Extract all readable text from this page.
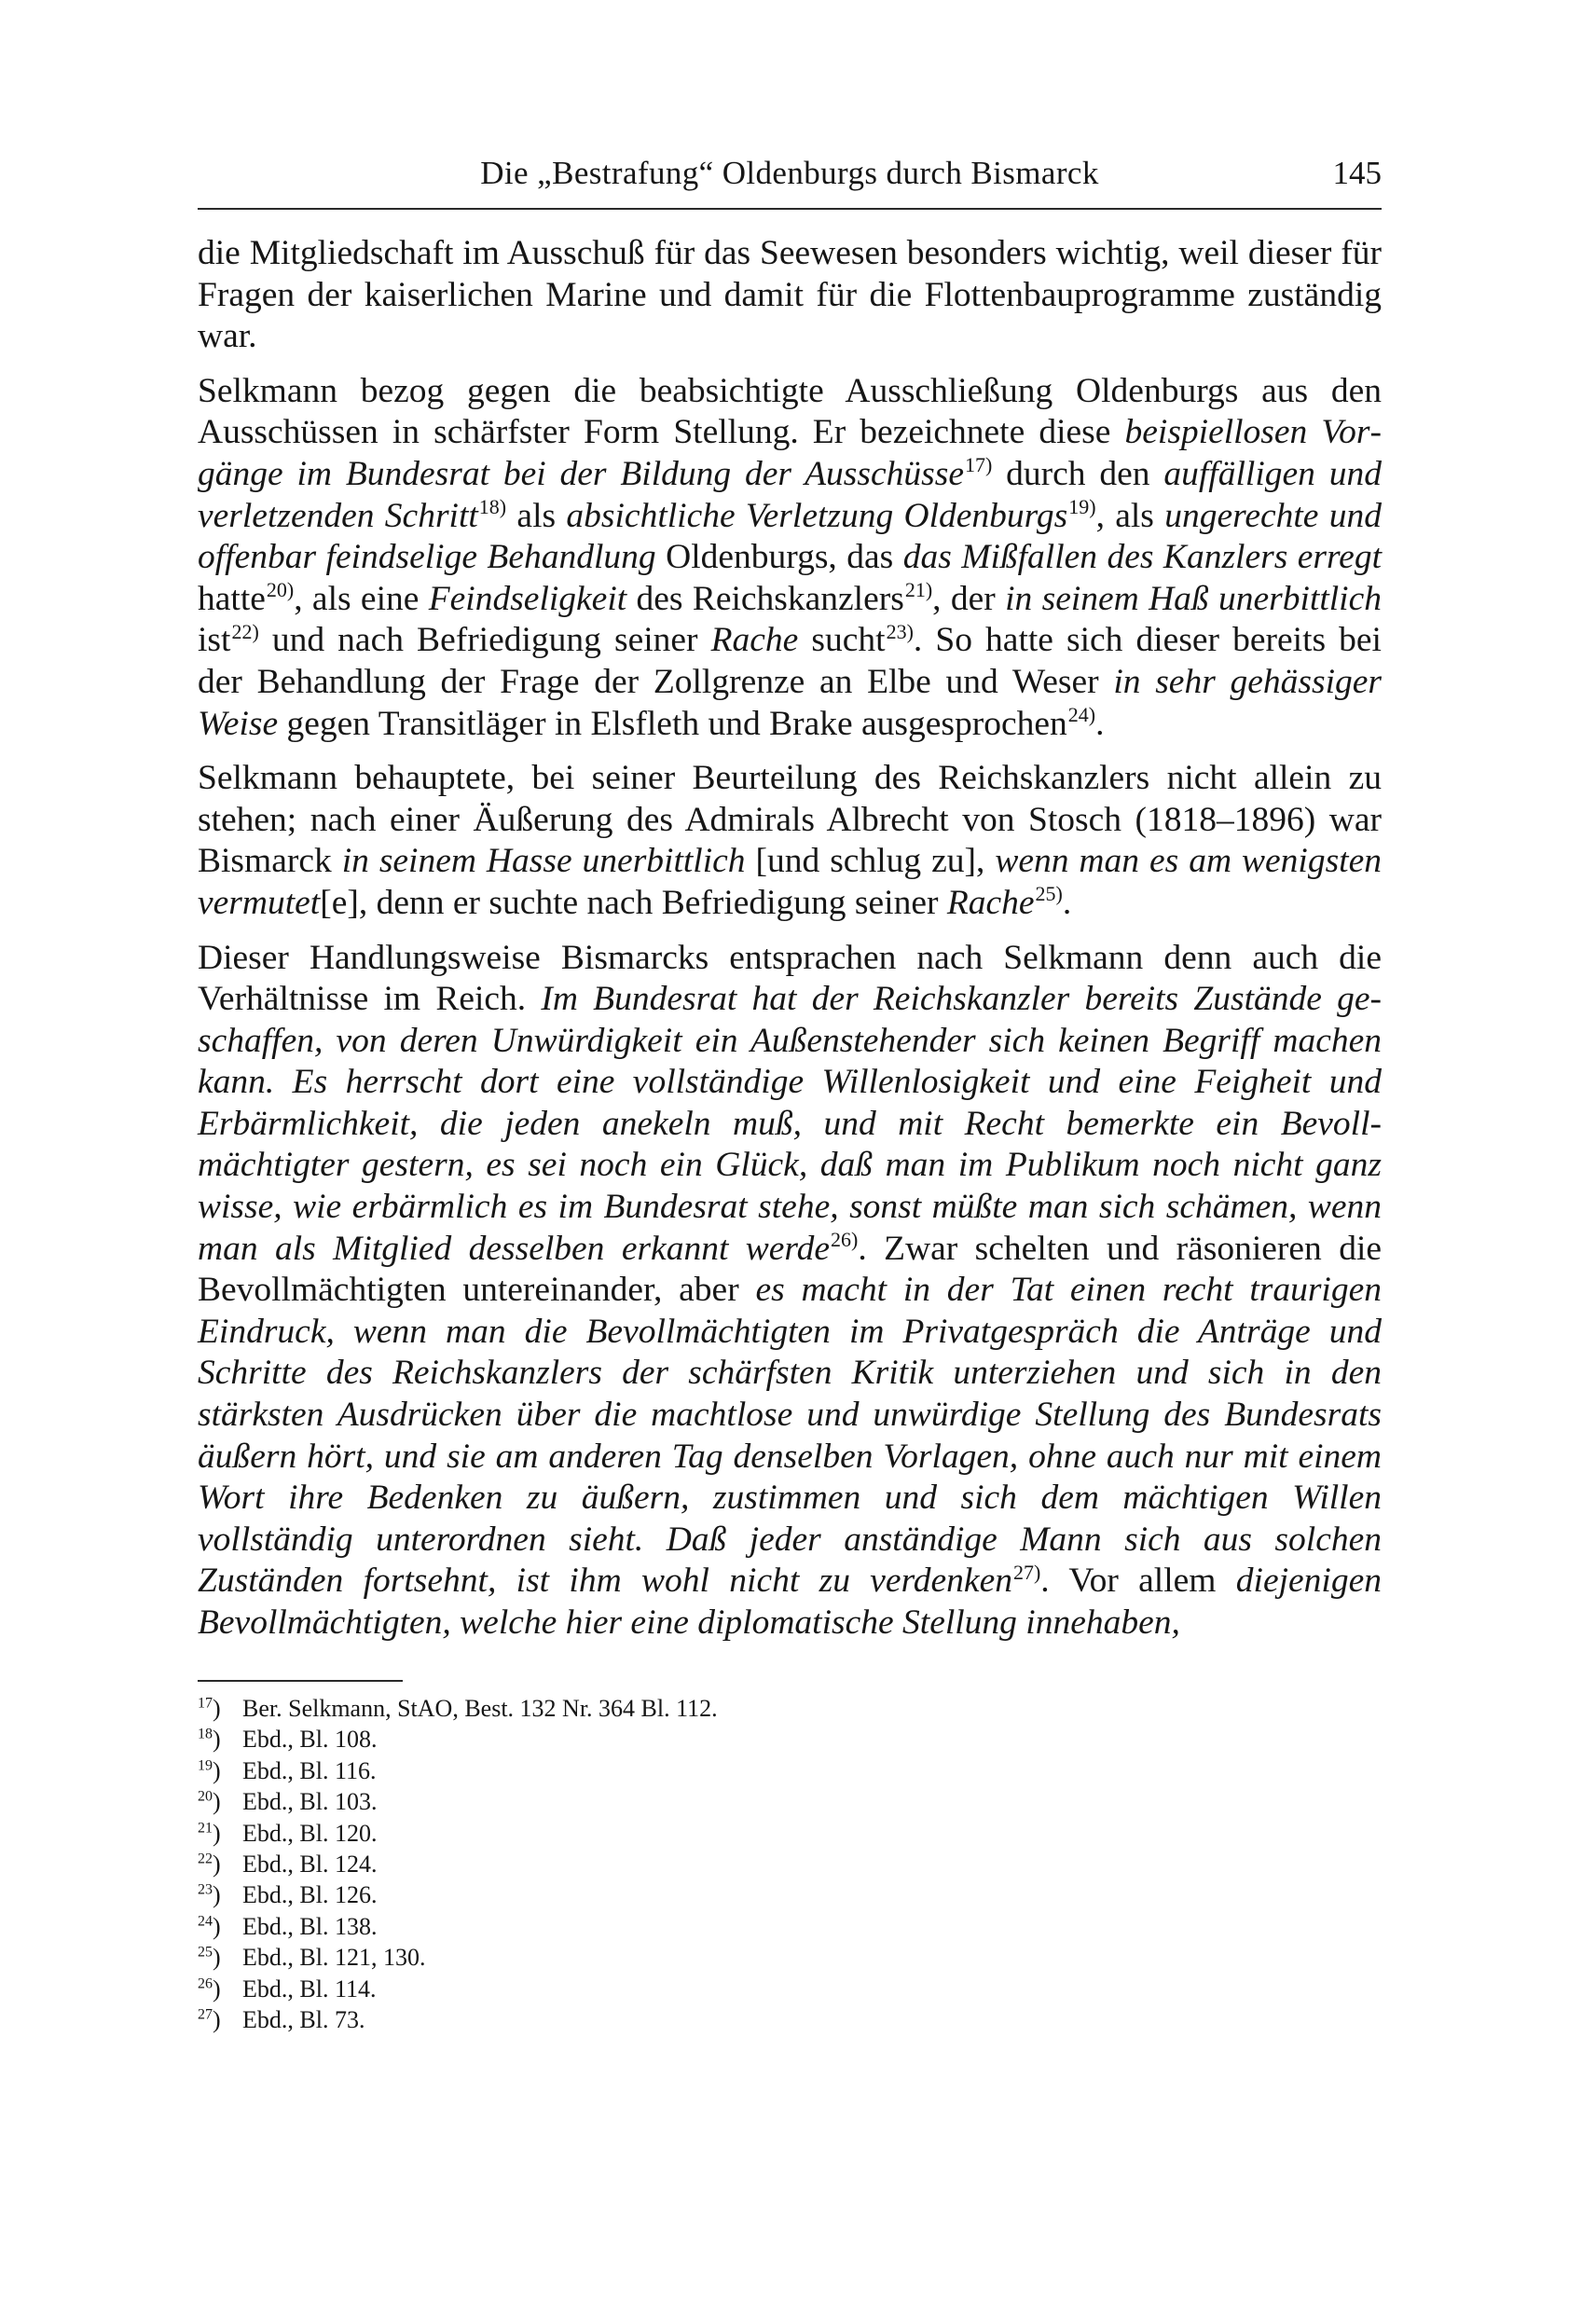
Die „Bestrafung“ Oldenburgs durch Bismarck	145

die Mitgliedschaft im Ausschuß für das Seewesen besonders wichtig, weil dieser für Fragen der kaiserlichen Marine und damit für die Flottenbauprogramme zuständig war.

Selkmann bezog gegen die beabsichtigte Ausschließung Oldenburgs aus den Ausschüssen in schärfster Form Stellung. Er bezeichnete diese beispiellosen Vorgänge im Bundesrat bei der Bildung der Ausschüsse$^{17)}$ durch den auffälligen und verletzenden Schritt$^{18)}$ als absichtliche Verletzung Oldenburgs$^{19)}$, als ungerechte und offenbar feindselige Behandlung Oldenburgs, das das Mißfallen des Kanzlers erregt hatte$^{20)}$, als eine Feindseligkeit des Reichskanzlers$^{21)}$, der in seinem Haß unerbittlich ist$^{22)}$ und nach Befriedigung seiner Rache sucht$^{23)}$. So hatte sich dieser bereits bei der Behandlung der Frage der Zollgrenze an Elbe und Weser in sehr gehässiger Weise gegen Transitläger in Elsfleth und Brake ausgesprochen$^{24)}$.

Selkmann behauptete, bei seiner Beurteilung des Reichskanzlers nicht allein zu stehen; nach einer Äußerung des Admirals Albrecht von Stosch (1818–1896) war Bismarck in seinem Hasse unerbittlich [und schlug zu], wenn man es am wenigsten vermutet[e], denn er suchte nach Befriedigung seiner Rache$^{25)}$.

Dieser Handlungsweise Bismarcks entsprachen nach Selkmann denn auch die Verhältnisse im Reich. Im Bundesrat hat der Reichskanzler bereits Zustände geschaffen, von deren Unwürdigkeit ein Außenstehender sich keinen Begriff machen kann. Es herrscht dort eine vollständige Willenlosigkeit und eine Feigheit und Erbärmlichkeit, die jeden anekeln muß, und mit Recht bemerkte ein Bevollmächtigter gestern, es sei noch ein Glück, daß man im Publikum noch nicht ganz wisse, wie erbärmlich es im Bundesrat stehe, sonst müßte man sich schämen, wenn man als Mitglied desselben erkannt werde$^{26)}$. Zwar schelten und räsonieren die Bevollmächtigten untereinander, aber es macht in der Tat einen recht traurigen Eindruck, wenn man die Bevollmächtigten im Privatgespräch die Anträge und Schritte des Reichskanzlers der schärfsten Kritik unterziehen und sich in den stärksten Ausdrücken über die machtlose und unwürdige Stellung des Bundesrats äußern hört, und sie am anderen Tag denselben Vorlagen, ohne auch nur mit einem Wort ihre Bedenken zu äußern, zustimmen und sich dem mächtigen Willen vollständig unterordnen sieht. Daß jeder anständige Mann sich aus solchen Zuständen fortsehnt, ist ihm wohl nicht zu verdenken$^{27)}$. Vor allem diejenigen Bevollmächtigten, welche hier eine diplomatische Stellung innehaben,

$^{17}$) Ber. Selkmann, StAO, Best. 132 Nr. 364 Bl. 112.
$^{18}$) Ebd., Bl. 108.
$^{19}$) Ebd., Bl. 116.
$^{20}$) Ebd., Bl. 103.
$^{21}$) Ebd., Bl. 120.
$^{22}$) Ebd., Bl. 124.
$^{23}$) Ebd., Bl. 126.
$^{24}$) Ebd., Bl. 138.
$^{25}$) Ebd., Bl. 121, 130.
$^{26}$) Ebd., Bl. 114.
$^{27}$) Ebd., Bl. 73.
